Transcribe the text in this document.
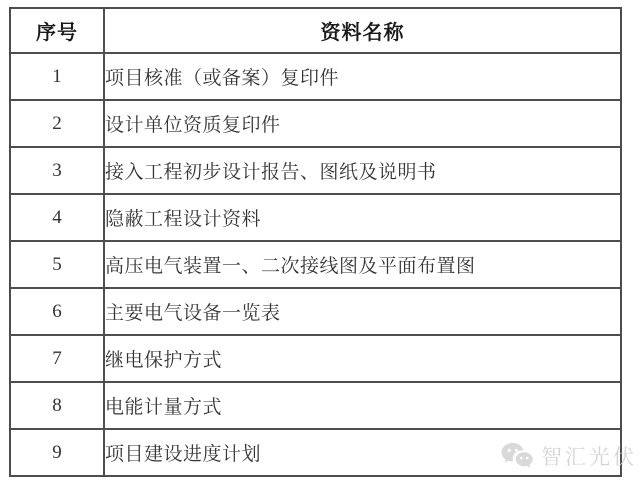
序号	资料名称
1	项目核准（或备案）复印件
2	设计单位资质复印件
3	接入工程初步设计报告、图纸及说明书
4	隐蔽工程设计资料
5	高压电气装置一、二次接线图及平面布置图
6	主要电气设备一览表
7	继电保护方式
8	电能计量方式
9	项目建设进度计划	智汇光伏
